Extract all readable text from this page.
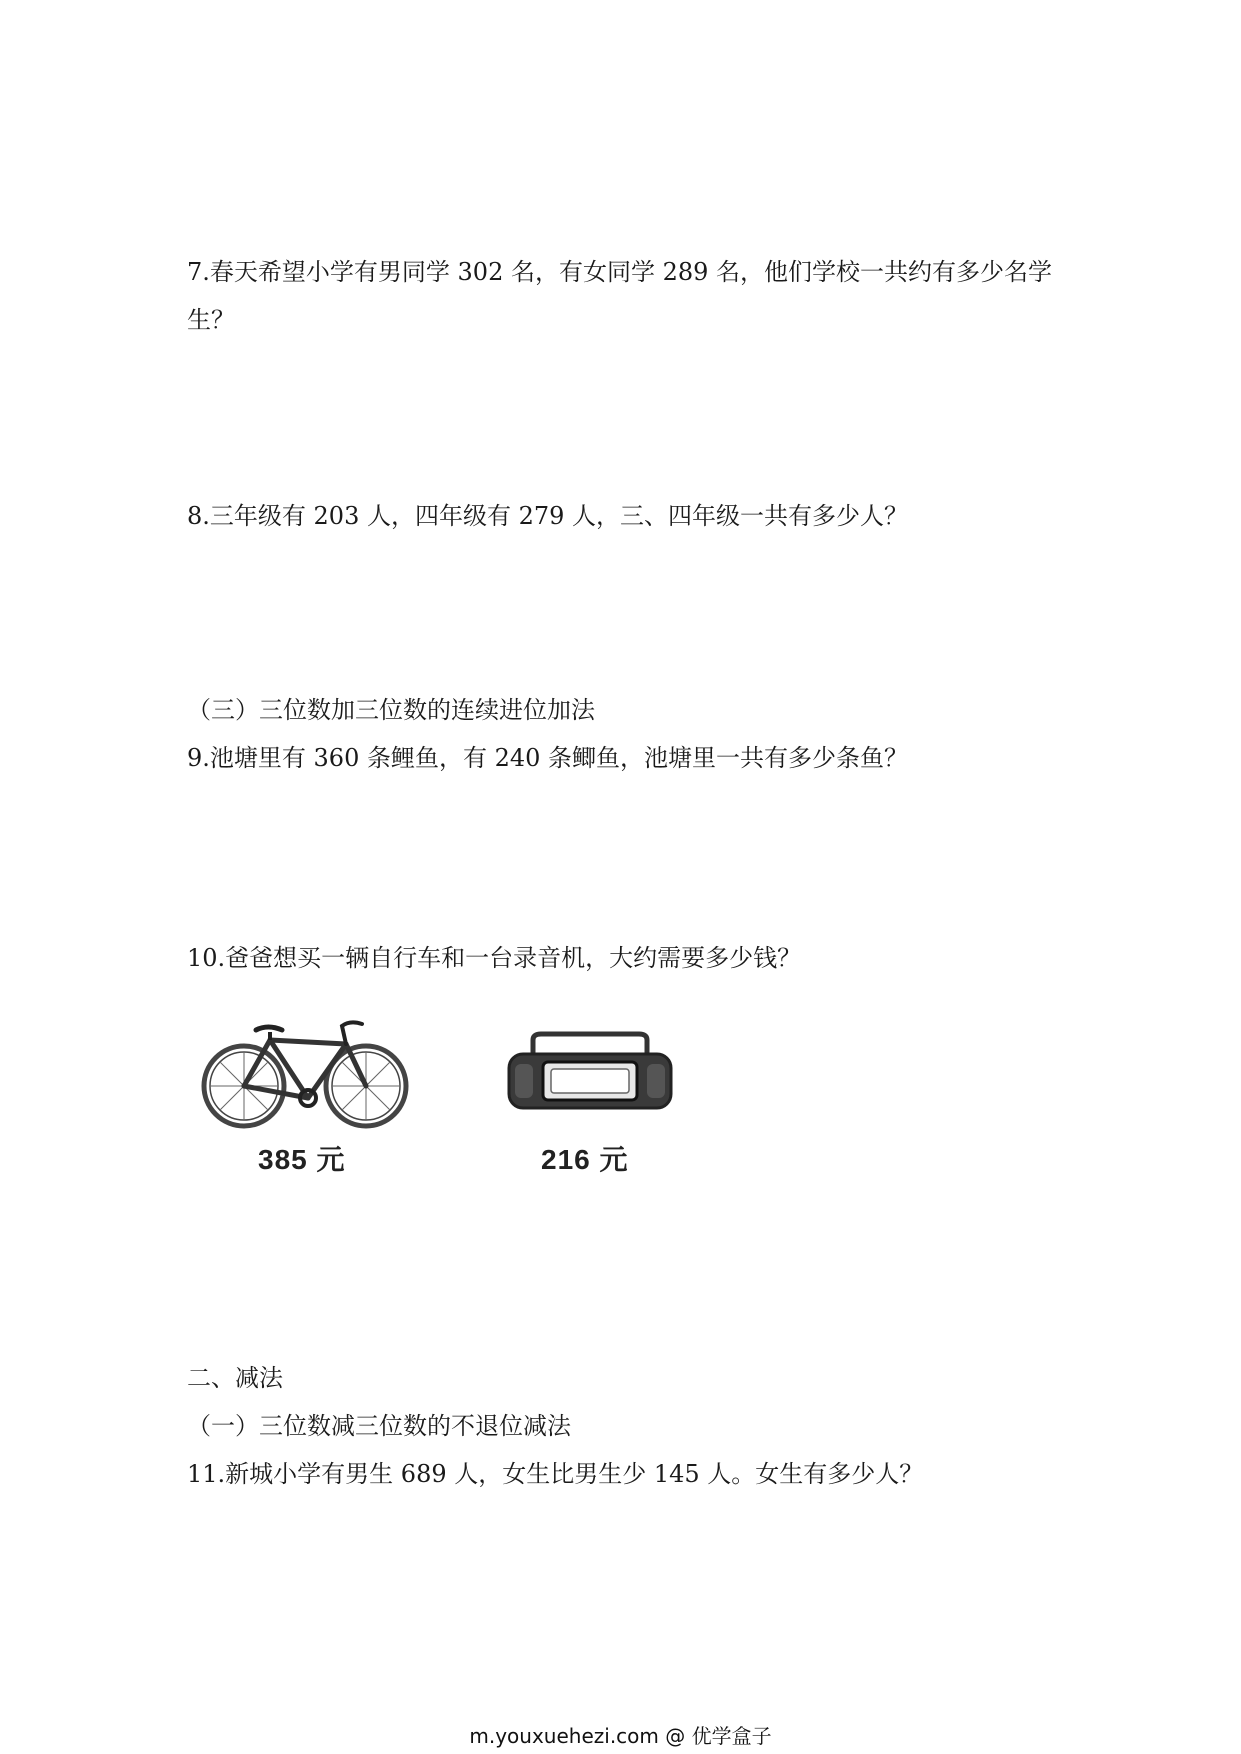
7.春天希望小学有男同学 302 名，有女同学 289 名，他们学校一共约有多少名学
生？
8.三年级有 203 人，四年级有 279 人，三、四年级一共有多少人？
（三）三位数加三位数的连续进位加法
9.池塘里有 360 条鲤鱼，有 240 条鲫鱼，池塘里一共有多少条鱼？
10.爸爸想买一辆自行车和一台录音机，大约需要多少钱？
385 元	216 元
二、减法
（一）三位数减三位数的不退位减法
11.新城小学有男生 689 人，女生比男生少 145 人。女生有多少人？
m.youxuehezi.com @ 优学盒子
